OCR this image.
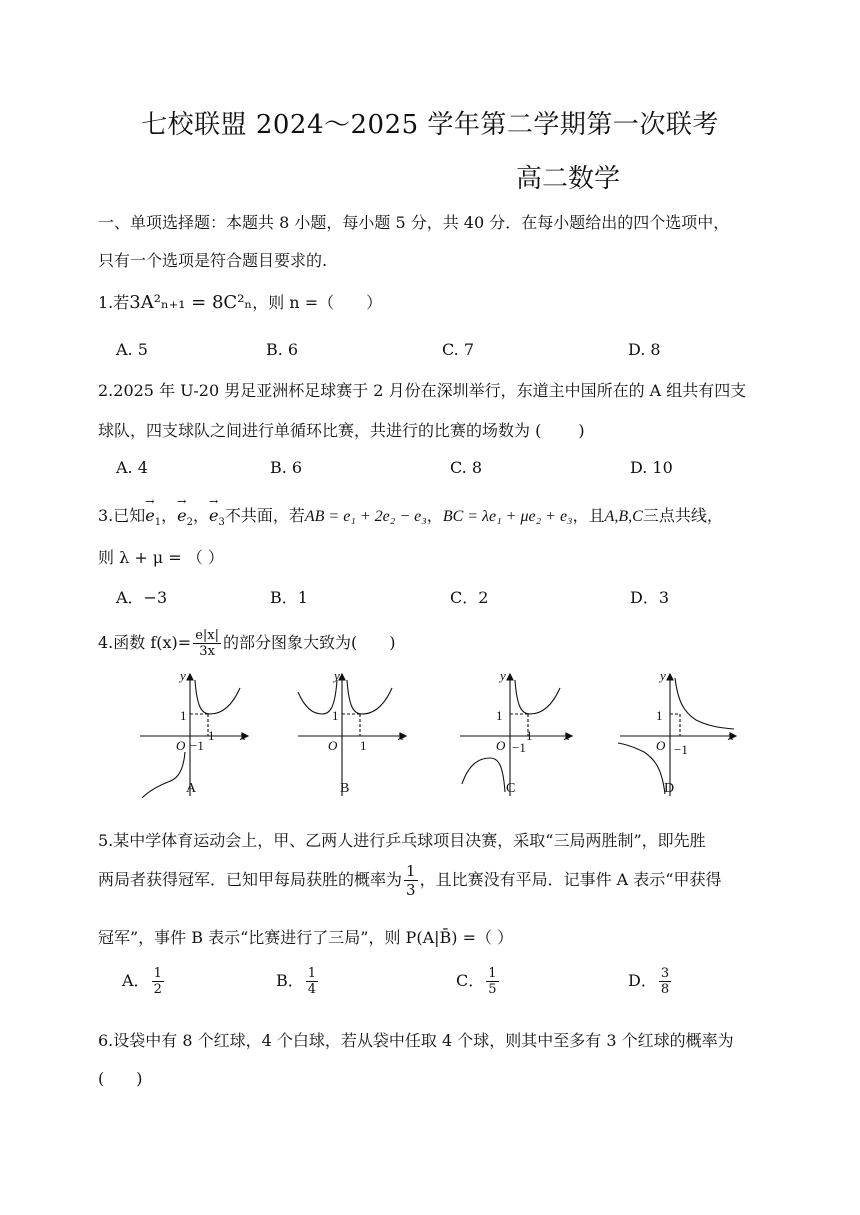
七校联盟 2024～2025 学年第二学期第一次联考
高二数学
一、单项选择题：本题共 8 小题，每小题 5 分，共 40 分．在每小题给出的四个选项中，
只有一个选项是符合题目要求的.
1.若3A²ₙ₊₁ = 8C²ₙ，则 n =（　　）
A. 5	B. 6	C. 7	D. 8
2.2025 年 U-20 男足亚洲杯足球赛于 2 月份在深圳举行，东道主中国所在的 A 组共有四支
球队，四支球队之间进行单循环比赛，共进行的比赛的场数为 (　　 )
A. 4	B. 6	C. 8	D. 10
3.已知→ $e_1$，→ $e_2$，→ $e_3$不共面，若AB = e₁ + 2e₂ − e₃，BC = λe₁ + μe₂ + e₃，且A,B,C三点共线，
则 λ + μ = （ ）
A．−3	B．1	C．2	D．3
4.函数 $f(x)= \frac{e|x|}{3x}$ 的部分图象大致为(　　)
y
x
O
1
1
−1
A
y
x
O
1
1
B
y
x
O
1
1
−1
C
y
x
O
1
−1
D
5.某中学体育运动会上，甲、乙两人进行乒乓球项目决赛，采取“三局两胜制”，即先胜
两局者获得冠军．已知甲每局获胜的概率为 $\frac{1}{3}$ ，且比赛没有平局．记事件 A 表示“甲获得
冠军”，事件 B 表示“比赛进行了三局”，则 P(A|B̄) =（ ）
A． $\frac{1}{2}$	B． $\frac{1}{4}$	C． $\frac{1}{5}$	D． $\frac{3}{8}$
6.设袋中有 8 个红球，4 个白球，若从袋中任取 4 个球，则其中至多有 3 个红球的概率为
(　　)
